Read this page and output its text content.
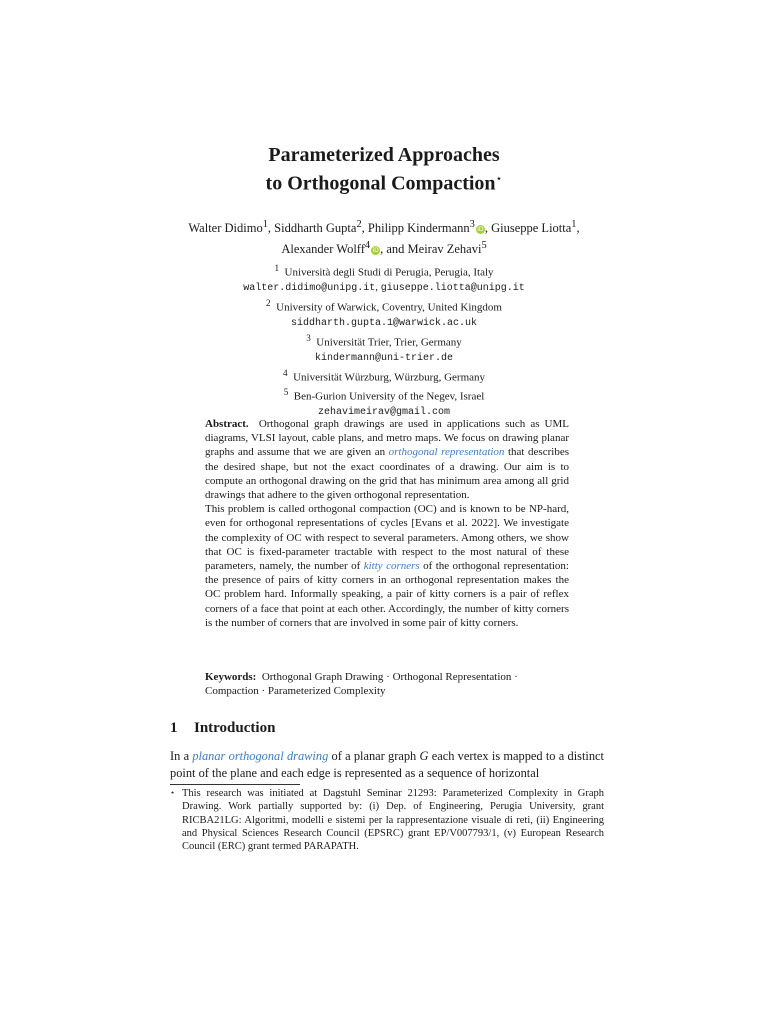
Parameterized Approaches
to Orthogonal Compaction⋆
Walter Didimo$^1$, Siddharth Gupta$^2$, Philipp Kindermann$^3$ iD, Giuseppe Liotta$^1$,
Alexander Wolff$^4$ iD, and Meirav Zehavi$^5$
$^1$ Università degli Studi di Perugia, Perugia, Italy
walter.didimo@unipg.it, giuseppe.liotta@unipg.it
$^2$ University of Warwick, Coventry, United Kingdom
siddharth.gupta.1@warwick.ac.uk
$^3$ Universität Trier, Trier, Germany
kindermann@uni-trier.de
$^4$ Universität Würzburg, Würzburg, Germany
$^5$ Ben-Gurion University of the Negev, Israel
zehavimeirav@gmail.com

Abstract. Orthogonal graph drawings are used in applications such as UML diagrams, VLSI layout, cable plans, and metro maps. We focus on drawing planar graphs and assume that we are given an orthogonal representation that describes the desired shape, but not the exact coordinates of a drawing. Our aim is to compute an orthogonal drawing on the grid that has minimum area among all grid drawings that adhere to the given orthogonal representation.

This problem is called orthogonal compaction (OC) and is known to be NP-hard, even for orthogonal representations of cycles [Evans et al. 2022]. We investigate the complexity of OC with respect to several parameters. Among others, we show that OC is fixed-parameter tractable with respect to the most natural of these parameters, namely, the number of kitty corners of the orthogonal representation: the presence of pairs of kitty corners in an orthogonal representation makes the OC problem hard. Informally speaking, a pair of kitty corners is a pair of reflex corners of a face that point at each other. Accordingly, the number of kitty corners is the number of corners that are involved in some pair of kitty corners.

Keywords: Orthogonal Graph Drawing · Orthogonal Representation · Compaction · Parameterized Complexity
1 Introduction

In a planar orthogonal drawing of a planar graph G each vertex is mapped to a distinct point of the plane and each edge is represented as a sequence of horizontal

⋆ This research was initiated at Dagstuhl Seminar 21293: Parameterized Complexity in Graph Drawing. Work partially supported by: (i) Dep. of Engineering, Perugia University, grant RICBA21LG: Algoritmi, modelli e sistemi per la rappresentazione visuale di reti, (ii) Engineering and Physical Sciences Research Council (EPSRC) grant EP/V007793/1, (v) European Research Council (ERC) grant termed PARAPATH.
